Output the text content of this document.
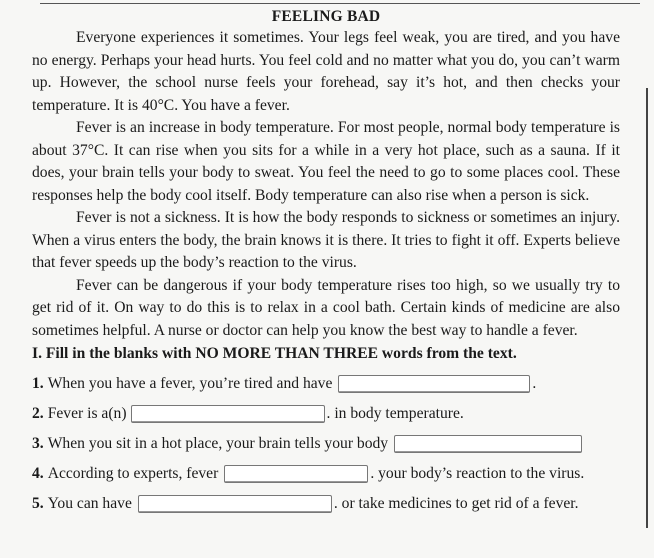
FEELING BAD

Everyone experiences it sometimes. Your legs feel weak, you are tired, and you have no energy. Perhaps your head hurts. You feel cold and no matter what you do, you can’t warm up. However, the school nurse feels your forehead, say it’s hot, and then checks your temperature. It is 40°C. You have a fever.

Fever is an increase in body temperature. For most people, normal body temperature is about 37°C. It can rise when you sits for a while in a very hot place, such as a sauna. If it does, your brain tells your body to sweat. You feel the need to go to some places cool. These responses help the body cool itself. Body temperature can also rise when a person is sick.

Fever is not a sickness. It is how the body responds to sickness or sometimes an injury. When a virus enters the body, the brain knows it is there. It tries to fight it off. Experts believe that fever speeds up the body’s reaction to the virus.

Fever can be dangerous if your body temperature rises too high, so we usually try to get rid of it. On way to do this is to relax in a cool bath. Certain kinds of medicine are also sometimes helpful. A nurse or doctor can help you know the best way to handle a fever.

I. Fill in the blanks with NO MORE THAN THREE words from the text.
1. When you have a fever, you’re tired and have	.
2. Fever is a(n)	. in body temperature.
3. When you sit in a hot place, your brain tells your body
4. According to experts, fever	. your body’s reaction to the virus.
5. You can have	. or take medicines to get rid of a fever.
